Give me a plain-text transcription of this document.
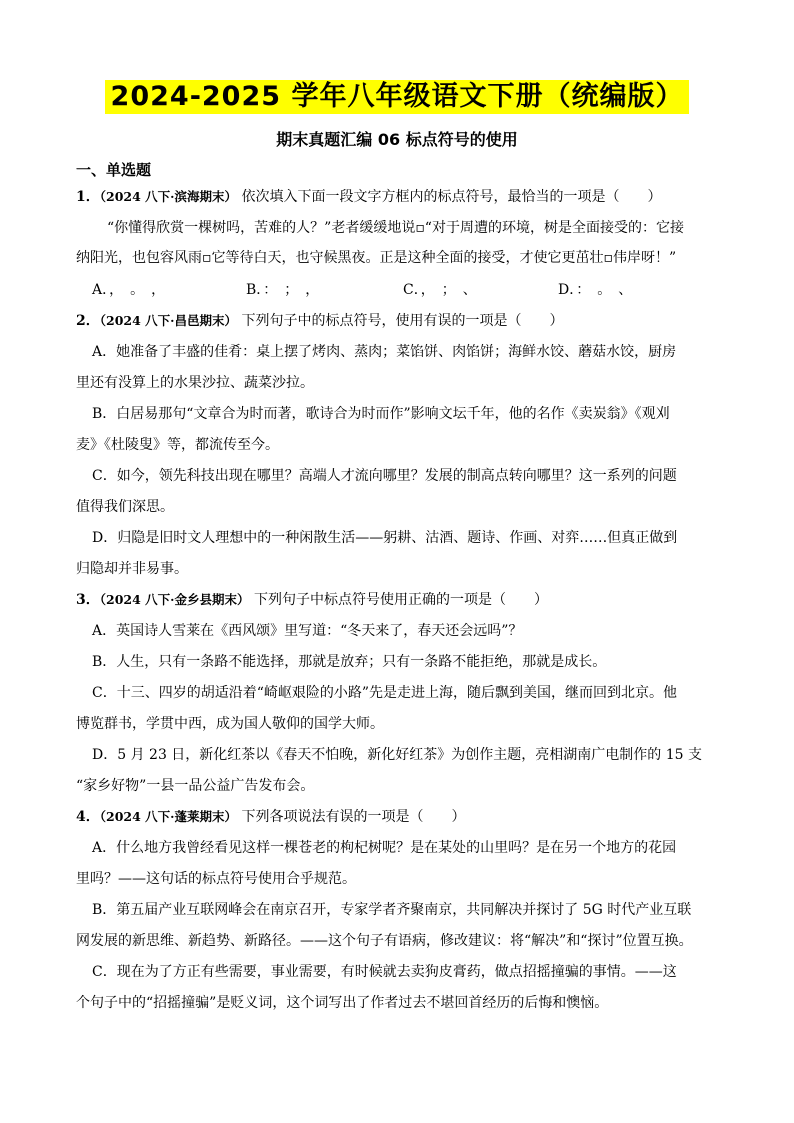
2024-2025 学年八年级语文下册（统编版）
期末真题汇编 06 标点符号的使用
一、单选题
1．（2024 八下·滨海期末） 依次填入下面一段文字方框内的标点符号，最恰当的一项是（　　）
“你懂得欣赏一棵树吗，苦难的人？”老者缓缓地说▫“对于周遭的环境，树是全面接受的：它接
纳阳光，也包容风雨▫它等待白天，也守候黑夜。正是这种全面的接受，才使它更茁壮▫伟岸呀！”
A．，　。　，	B．：　；　，	C．，　；　、	D．：　。　、
2．（2024 八下·昌邑期末） 下列句子中的标点符号，使用有误的一项是（　　）
A．她准备了丰盛的佳肴：桌上摆了烤肉、蒸肉；菜馅饼、肉馅饼；海鲜水饺、蘑菇水饺，厨房
里还有没算上的水果沙拉、蔬菜沙拉。
B．白居易那句“文章合为时而著，歌诗合为时而作”影响文坛千年，他的名作《卖炭翁》《观刈
麦》《杜陵叟》等，都流传至今。
C．如今，领先科技出现在哪里？高端人才流向哪里？发展的制高点转向哪里？这一系列的问题
值得我们深思。
D．归隐是旧时文人理想中的一种闲散生活——躬耕、沽酒、题诗、作画、对弈……但真正做到
归隐却并非易事。
3．（2024 八下·金乡县期末） 下列句子中标点符号使用正确的一项是（　　）
A．英国诗人雪莱在《西风颂》里写道：“冬天来了，春天还会远吗”？
B．人生，只有一条路不能选择，那就是放弃；只有一条路不能拒绝，那就是成长。
C．十三、四岁的胡适沿着“崎岖艰险的小路”先是走进上海，随后飘到美国，继而回到北京。他
博览群书，学贯中西，成为国人敬仰的国学大师。
D．5 月 23 日，新化红茶以《春天不怕晚，新化好红茶》为创作主题，亮相湖南广电制作的 15 支
“家乡好物”一县一品公益广告发布会。
4．（2024 八下·蓬莱期末） 下列各项说法有误的一项是（　　）
A．什么地方我曾经看见这样一棵苍老的枸杞树呢？是在某处的山里吗？是在另一个地方的花园
里吗？——这句话的标点符号使用合乎规范。
B．第五届产业互联网峰会在南京召开，专家学者齐聚南京，共同解决并探讨了 5G 时代产业互联
网发展的新思维、新趋势、新路径。——这个句子有语病，修改建议：将“解决”和“探讨”位置互换。
C．现在为了方正有些需要，事业需要，有时候就去卖狗皮膏药，做点招摇撞骗的事情。——这
个句子中的“招摇撞骗”是贬义词，这个词写出了作者过去不堪回首经历的后悔和懊恼。
